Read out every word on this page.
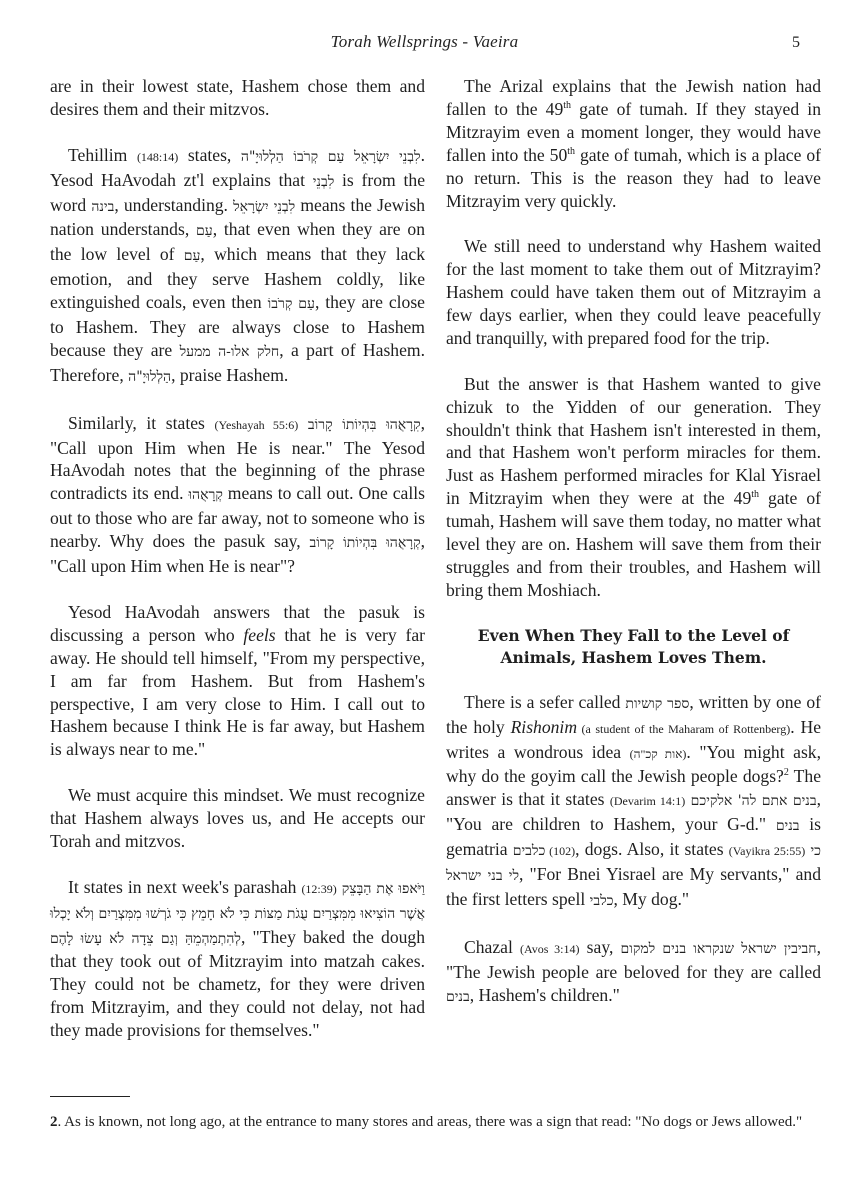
Torah Wellsprings - Vaeira	5

are in their lowest state, Hashem chose them and desires them and their mitzvos.

Tehillim (148:14) states, לִבְנֵי יִשְׂרָאֵל עַם קְרֹבוֹ הַלְלוּיָ"ה. Yesod HaAvodah zt'l explains that לִבְנֵי is from the word בינה, understanding. לִבְנֵי יִשְׂרָאֵל means the Jewish nation understands, עַם, that even when they are on the low level of עַם, which means that they lack emotion, and they serve Hashem coldly, like extinguished coals, even then עַם קְרֹבוֹ, they are close to Hashem. They are always close to Hashem because they are חלק אלו-ה ממעל, a part of Hashem. Therefore, הַלְלוּיָ"ה, praise Hashem.

Similarly, it states (Yeshayah 55:6) קִרָאֻהוּ בִּהְיוֹתוֹ קָרוֹב, "Call upon Him when He is near." The Yesod HaAvodah notes that the beginning of the phrase contradicts its end. קְרָאֻהוּ means to call out. One calls out to those who are far away, not to someone who is nearby. Why does the pasuk say, קְרָאֻהוּ בִּהְיוֹתוֹ קָרוֹב, "Call upon Him when He is near"?

Yesod HaAvodah answers that the pasuk is discussing a person who feels that he is very far away. He should tell himself, "From my perspective, I am far from Hashem. But from Hashem's perspective, I am very close to Him. I call out to Hashem because I think He is far away, but Hashem is always near to me."

We must acquire this mindset. We must recognize that Hashem always loves us, and He accepts our Torah and mitzvos.

It states in next week's parashah (12:39) וַיֹּאפוּ אֶת הַבָּצֵק אֲשֶׁר הוֹצִיאוּ מִמִּצְרַיִם עֻגֹת מַצּוֹת כִּי לֹא חָמֵץ כִּי גֹרְשׁוּ מִמִּצְרַיִם וְלֹא יָכְלוּ לְהִתְמַהְמֵהַּ וְגַם צֵדָה לֹא עָשׂוּ לָהֶם, "They baked the dough that they took out of Mitzrayim into matzah cakes. They could not be chametz, for they were driven from Mitzrayim, and they could not delay, not had they made provisions for themselves."

The Arizal explains that the Jewish nation had fallen to the 49th gate of tumah. If they stayed in Mitzrayim even a moment longer, they would have fallen into the 50th gate of tumah, which is a place of no return. This is the reason they had to leave Mitzrayim very quickly.

We still need to understand why Hashem waited for the last moment to take them out of Mitzrayim? Hashem could have taken them out of Mitzrayim a few days earlier, when they could leave peacefully and tranquilly, with prepared food for the trip.

But the answer is that Hashem wanted to give chizuk to the Yidden of our generation. They shouldn't think that Hashem isn't interested in them, and that Hashem won't perform miracles for them. Just as Hashem performed miracles for Klal Yisrael in Mitzrayim when they were at the 49th gate of tumah, Hashem will save them today, no matter what level they are on. Hashem will save them from their struggles and from their troubles, and Hashem will bring them Moshiach.

Even When They Fall to the Level of Animals, Hashem Loves Them.

There is a sefer called ספר קושיות, written by one of the holy Rishonim (a student of the Maharam of Rottenberg). He writes a wondrous idea (אות קכ"ה). "You might ask, why do the goyim call the Jewish people dogs?$^2$ The answer is that it states (Devarim 14:1) בנים אתם לה' אלקיכם, "You are children to Hashem, your G-d." בנים is gematria כלבים (102), dogs. Also, it states (Vayikra 25:55) כי לי בני ישראל, "For Bnei Yisrael are My servants," and the first letters spell כלבי, My dog."

Chazal (Avos 3:14) say, חביבין ישראל שנקראו בנים למקום, "The Jewish people are beloved for they are called בנים, Hashem's children."

2. As is known, not long ago, at the entrance to many stores and areas, there was a sign that read: "No dogs or Jews allowed."
